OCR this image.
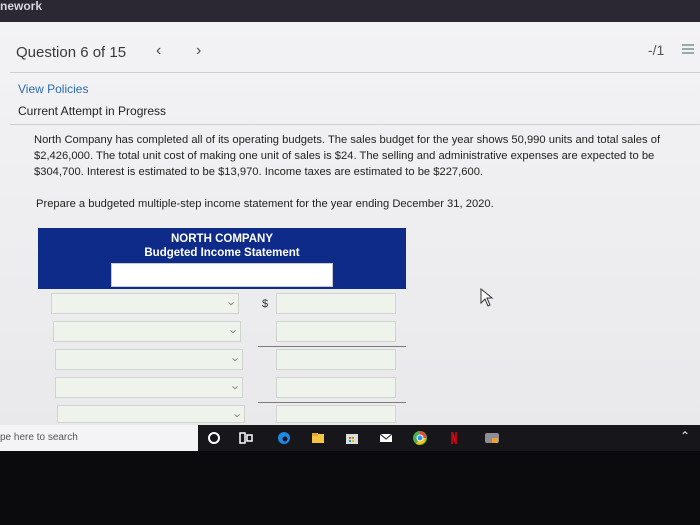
nework
Question 6 of 15 ‹ ›	-/1
View Policies
Current Attempt in Progress
North Company has completed all of its operating budgets. The sales budget for the year shows 50,990 units and total sales of $2,426,000. The total unit cost of making one unit of sales is $24. The selling and administrative expenses are expected to be $304,700. Interest is estimated to be $13,970. Income taxes are estimated to be $227,600.
Prepare a budgeted multiple-step income statement for the year ending December 31, 2020.
NORTH COMPANY
Budgeted Income Statement
›
›
›
›
›
$
pe here to search	⌃
